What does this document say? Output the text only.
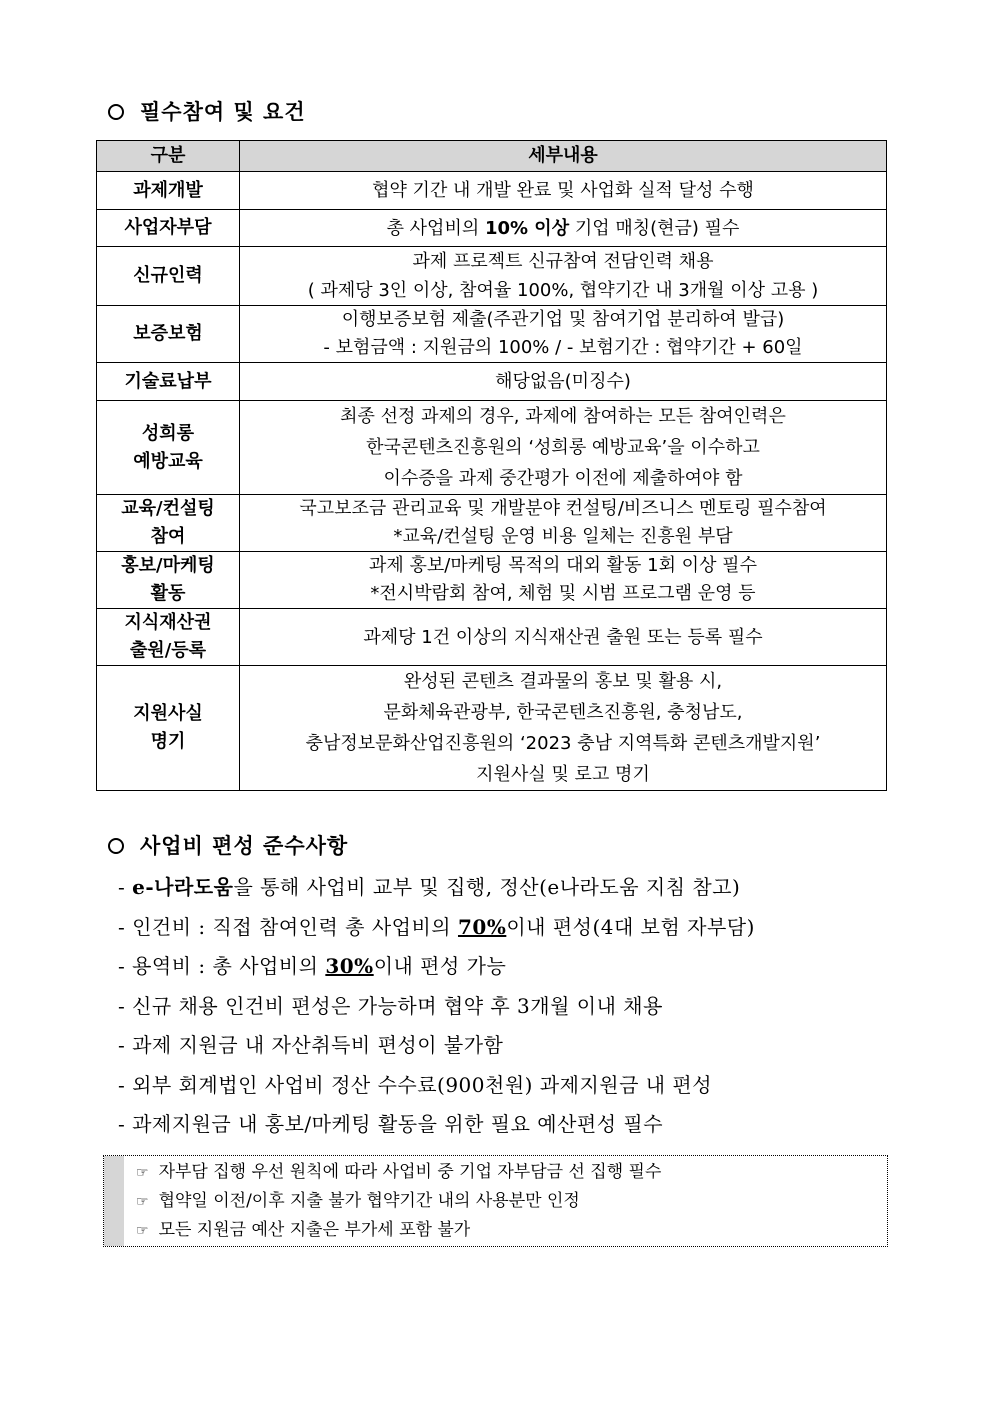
필수참여 및 요건
구분	세부내용

과제개발	협약 기간 내 개발 완료 및 사업화 실적 달성 수행

사업자부담	총 사업비의 10% 이상 기업 매칭(현금) 필수

신규인력	과제 프로젝트 신규참여 전담인력 채용
( 과제당 3인 이상, 참여율 100%, 협약기간 내 3개월 이상 고용 )

보증보험	이행보증보험 제출(주관기업 및 참여기업 분리하여 발급)
- 보험금액 : 지원금의 100% / - 보험기간 : 협약기간 + 60일

기술료납부	해당없음(미징수)

성희롱
예방교육	최종 선정 과제의 경우, 과제에 참여하는 모든 참여인력은
한국콘텐츠진흥원의 ‘성희롱 예방교육’을 이수하고
이수증을 과제 중간평가 이전에 제출하여야 함

교육/컨설팅
참여	국고보조금 관리교육 및 개발분야 컨설팅/비즈니스 멘토링 필수참여
*교육/컨설팅 운영 비용 일체는 진흥원 부담

홍보/마케팅
활동	과제 홍보/마케팅 목적의 대외 활동 1회 이상 필수
*전시박람회 참여, 체험 및 시범 프로그램 운영 등

지식재산권
출원/등록	과제당 1건 이상의 지식재산권 출원 또는 등록 필수

지원사실
명기	완성된 콘텐츠 결과물의 홍보 및 활용 시,
문화체육관광부, 한국콘텐츠진흥원, 충청남도,
충남정보문화산업진흥원의 ‘2023 충남 지역특화 콘텐츠개발지원’
지원사실 및 로고 명기
사업비 편성 준수사항
- e-나라도움을 통해 사업비 교부 및 집행, 정산(e나라도움 지침 참고)
- 인건비 : 직접 참여인력 총 사업비의 70%이내 편성(4대 보험 자부담)
- 용역비 : 총 사업비의 30%이내 편성 가능
- 신규 채용 인건비 편성은 가능하며 협약 후 3개월 이내 채용
- 과제 지원금 내 자산취득비 편성이 불가함
- 외부 회계법인 사업비 정산 수수료(900천원) 과제지원금 내 편성
- 과제지원금 내 홍보/마케팅 활동을 위한 필요 예산편성 필수
☞ 자부담 집행 우선 원칙에 따라 사업비 중 기업 자부담금 선 집행 필수
☞ 협약일 이전/이후 지출 불가 협약기간 내의 사용분만 인정
☞ 모든 지원금 예산 지출은 부가세 포함 불가
